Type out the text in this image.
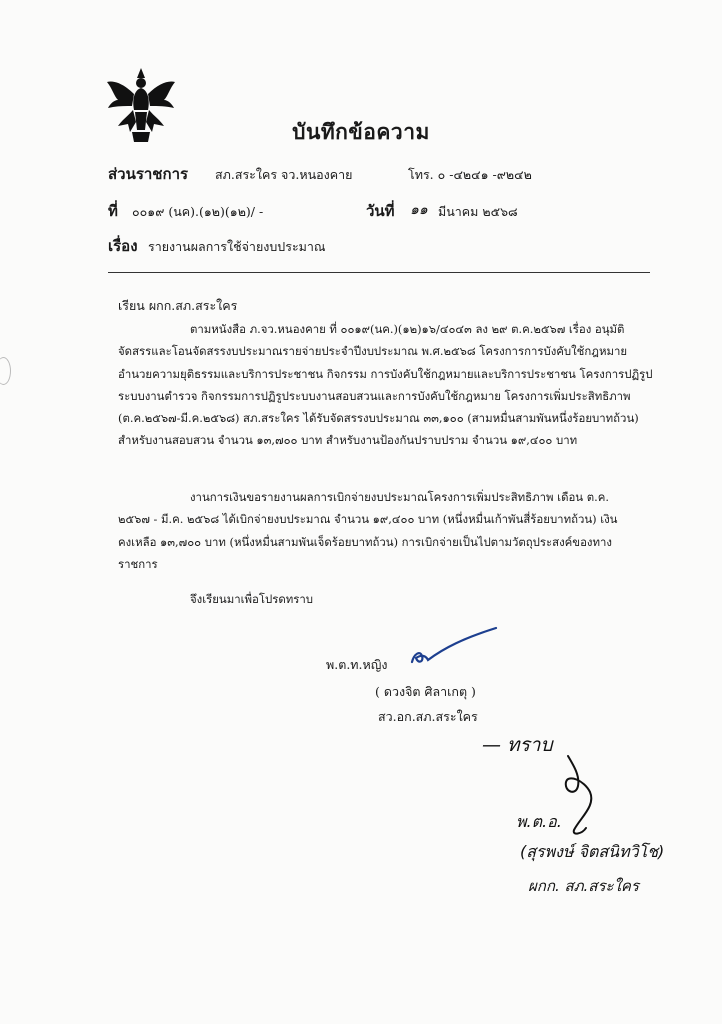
บันทึกข้อความ
ส่วนราชการ สภ.สระใคร จว.หนองคาย	โทร. ๐ -๔๒๔๑ -๙๒๔๒
ที่ ๐๐๑๙ (นค).(๑๒)(๑๒)/ -	วันที่ ๑๑ มีนาคม ๒๕๖๘
เรื่อง รายงานผลการใช้จ่ายงบประมาณ
เรียน ผกก.สภ.สระใคร
ตามหนังสือ ภ.จว.หนองคาย ที่ ๐๐๑๙(นค.)(๑๒)๑๖/๔๐๔๓ ลง ๒๙ ต.ค.๒๕๖๗ เรื่อง อนุมัติ
จัดสรรและโอนจัดสรรงบประมาณรายจ่ายประจำปีงบประมาณ พ.ศ.๒๕๖๘ โครงการการบังคับใช้กฎหมาย
อำนวยความยุติธรรมและบริการประชาชน กิจกรรม การบังคับใช้กฎหมายและบริการประชาชน โครงการปฏิรูป
ระบบงานตำรวจ กิจกรรมการปฏิรูประบบงานสอบสวนและการบังคับใช้กฎหมาย โครงการเพิ่มประสิทธิภาพ
(ต.ค.๒๕๖๗-มี.ค.๒๕๖๘) สภ.สระใคร ได้รับจัดสรรงบประมาณ ๓๓,๑๐๐ (สามหมื่นสามพันหนึ่งร้อยบาทถ้วน)
สำหรับงานสอบสวน จำนวน ๑๓,๗๐๐ บาท สำหรับงานป้องกันปราบปราม จำนวน ๑๙,๔๐๐ บาท
งานการเงินขอรายงานผลการเบิกจ่ายงบประมาณโครงการเพิ่มประสิทธิภาพ เดือน ต.ค.
๒๕๖๗ - มี.ค. ๒๕๖๘ ได้เบิกจ่ายงบประมาณ จำนวน ๑๙,๔๐๐ บาท (หนึ่งหมื่นเก้าพันสี่ร้อยบาทถ้วน) เงิน
คงเหลือ ๑๓,๗๐๐ บาท (หนึ่งหมื่นสามพันเจ็ดร้อยบาทถ้วน) การเบิกจ่ายเป็นไปตามวัตถุประสงค์ของทาง
ราชการ
จึงเรียนมาเพื่อโปรดทราบ
พ.ต.ท.หญิง
( ดวงจิต ศิลาเกตุ )
สว.อก.สภ.สระใคร
— ทราบ
พ.ต.อ.
(สุรพงษ์ จิตสนิทวิโช)
ผกก. สภ.สระใคร
